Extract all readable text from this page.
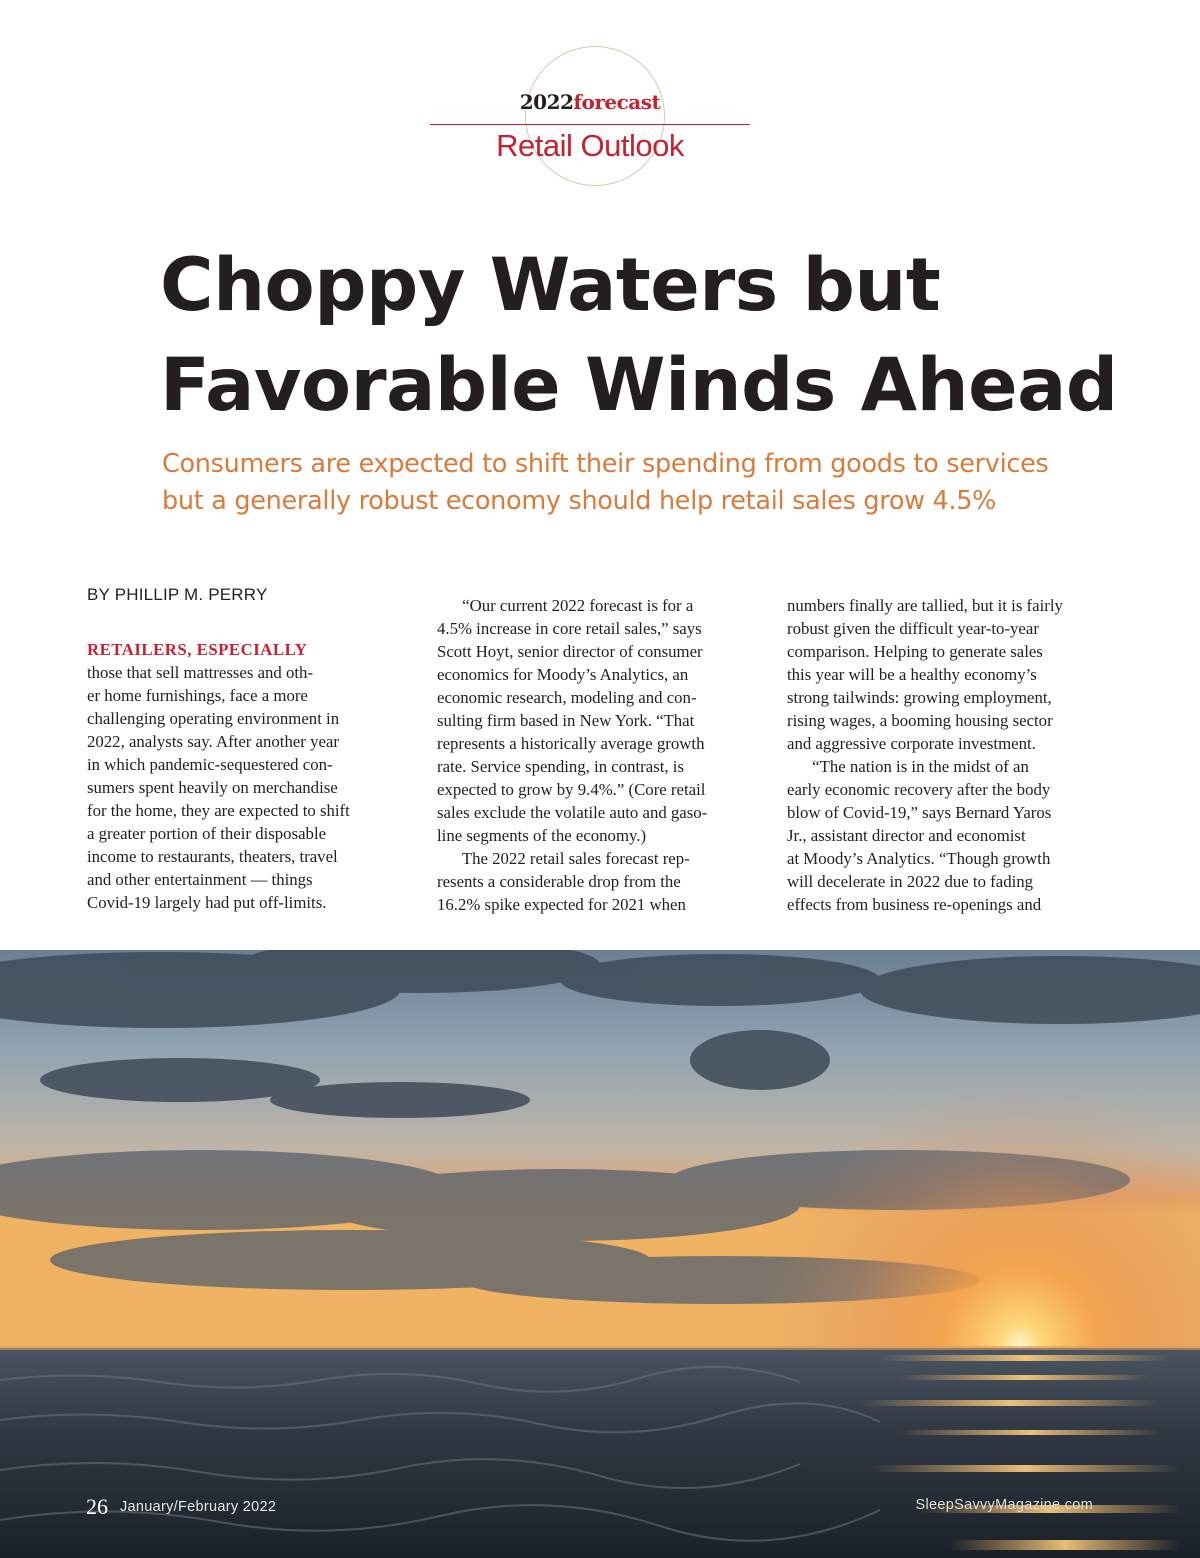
2022forecast
Retail Outlook
Choppy Waters but
Favorable Winds Ahead
Consumers are expected to shift their spending from goods to services
but a generally robust economy should help retail sales grow 4.5%
BY PHILLIP M. PERRY
RETAILERS, ESPECIALLY
those that sell mattresses and oth-
er home furnishings, face a more
challenging operating environment in
2022, analysts say. After another year
in which pandemic-sequestered con-
sumers spent heavily on merchandise
for the home, they are expected to shift
a greater portion of their disposable
income to restaurants, theaters, travel
and other entertainment — things
Covid-19 largely had put off-limits.
“Our current 2022 forecast is for a
4.5% increase in core retail sales,” says
Scott Hoyt, senior director of consumer
economics for Moody’s Analytics, an
economic research, modeling and con-
sulting firm based in New York. “That
represents a historically average growth
rate. Service spending, in contrast, is
expected to grow by 9.4%.” (Core retail
sales exclude the volatile auto and gaso-
line segments of the economy.)
The 2022 retail sales forecast rep-
resents a considerable drop from the
16.2% spike expected for 2021 when
numbers finally are tallied, but it is fairly
robust given the difficult year-to-year
comparison. Helping to generate sales
this year will be a healthy economy’s
strong tailwinds: growing employment,
rising wages, a booming housing sector
and aggressive corporate investment.
“The nation is in the midst of an
early economic recovery after the body
blow of Covid-19,” says Bernard Yaros
Jr., assistant director and economist
at Moody’s Analytics. “Though growth
will decelerate in 2022 due to fading
effects from business re-openings and
26 January/February 2022	SleepSavvyMagazine.com
